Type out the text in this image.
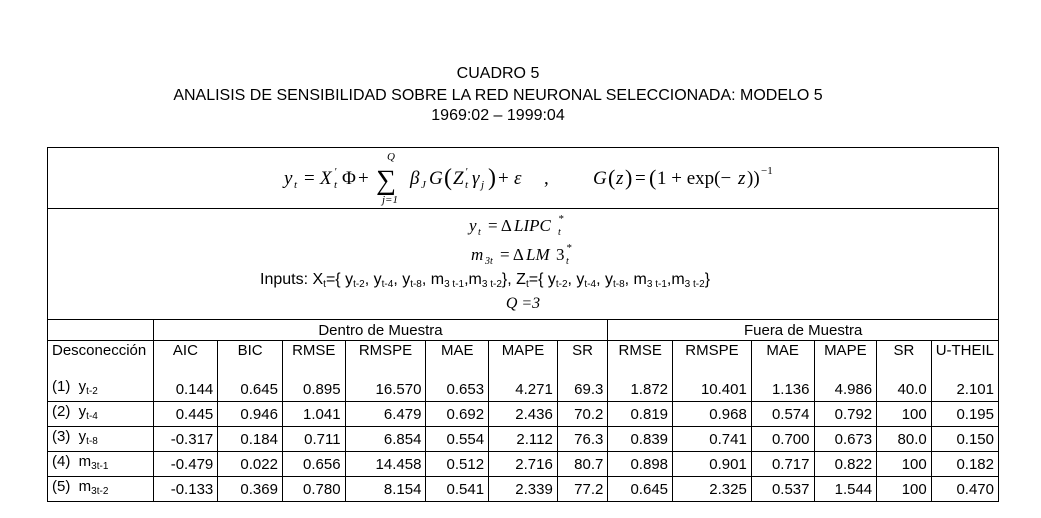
CUADRO 5
ANALISIS DE SENSIBILIDAD SOBRE LA RED NEURONAL SELECCIONADA: MODELO 5
1969:02 – 1999:04
y t = X '
t Φ +
Q
∑
j=1
β J G ( Z '
t γ j ) + ε , G ( z ) = ( 1 + exp(− z )) −1
y t = Δ LIPC *
t
m 3t = Δ LM 3 *
t
Inputs: $X_t=${ $y_{t-2}$, $y_{t-4}$, $y_{t-8}$, $m_{3 t-1},m_{3 t-2}$}, $Z_t=${ $y_{t-2}$, $y_{t-4}$, $y_{t-8}$, $m_{3 t-1},m_{3 t-2}$}
Q =3
	Dentro de Muestra							Fuera de Muestra					
Desconección	AIC	BIC	RMSE	RMSPE	MAE	MAPE	SR	RMSE	RMSPE	MAE	MAPE	SR	U-THEIL
(1)  $y_{t-2}$	0.144	0.645	0.895	16.570	0.653	4.271	69.3	1.872	10.401	1.136	4.986	40.0	2.101
(2)  $y_{t-4}$	0.445	0.946	1.041	6.479	0.692	2.436	70.2	0.819	0.968	0.574	0.792	100	0.195
(3)  $y_{t-8}$	-0.317	0.184	0.711	6.854	0.554	2.112	76.3	0.839	0.741	0.700	0.673	80.0	0.150
(4)  $m_{3t-1}$	-0.479	0.022	0.656	14.458	0.512	2.716	80.7	0.898	0.901	0.717	0.822	100	0.182
(5)  $m_{3t-2}$	-0.133	0.369	0.780	8.154	0.541	2.339	77.2	0.645	2.325	0.537	1.544	100	0.470
